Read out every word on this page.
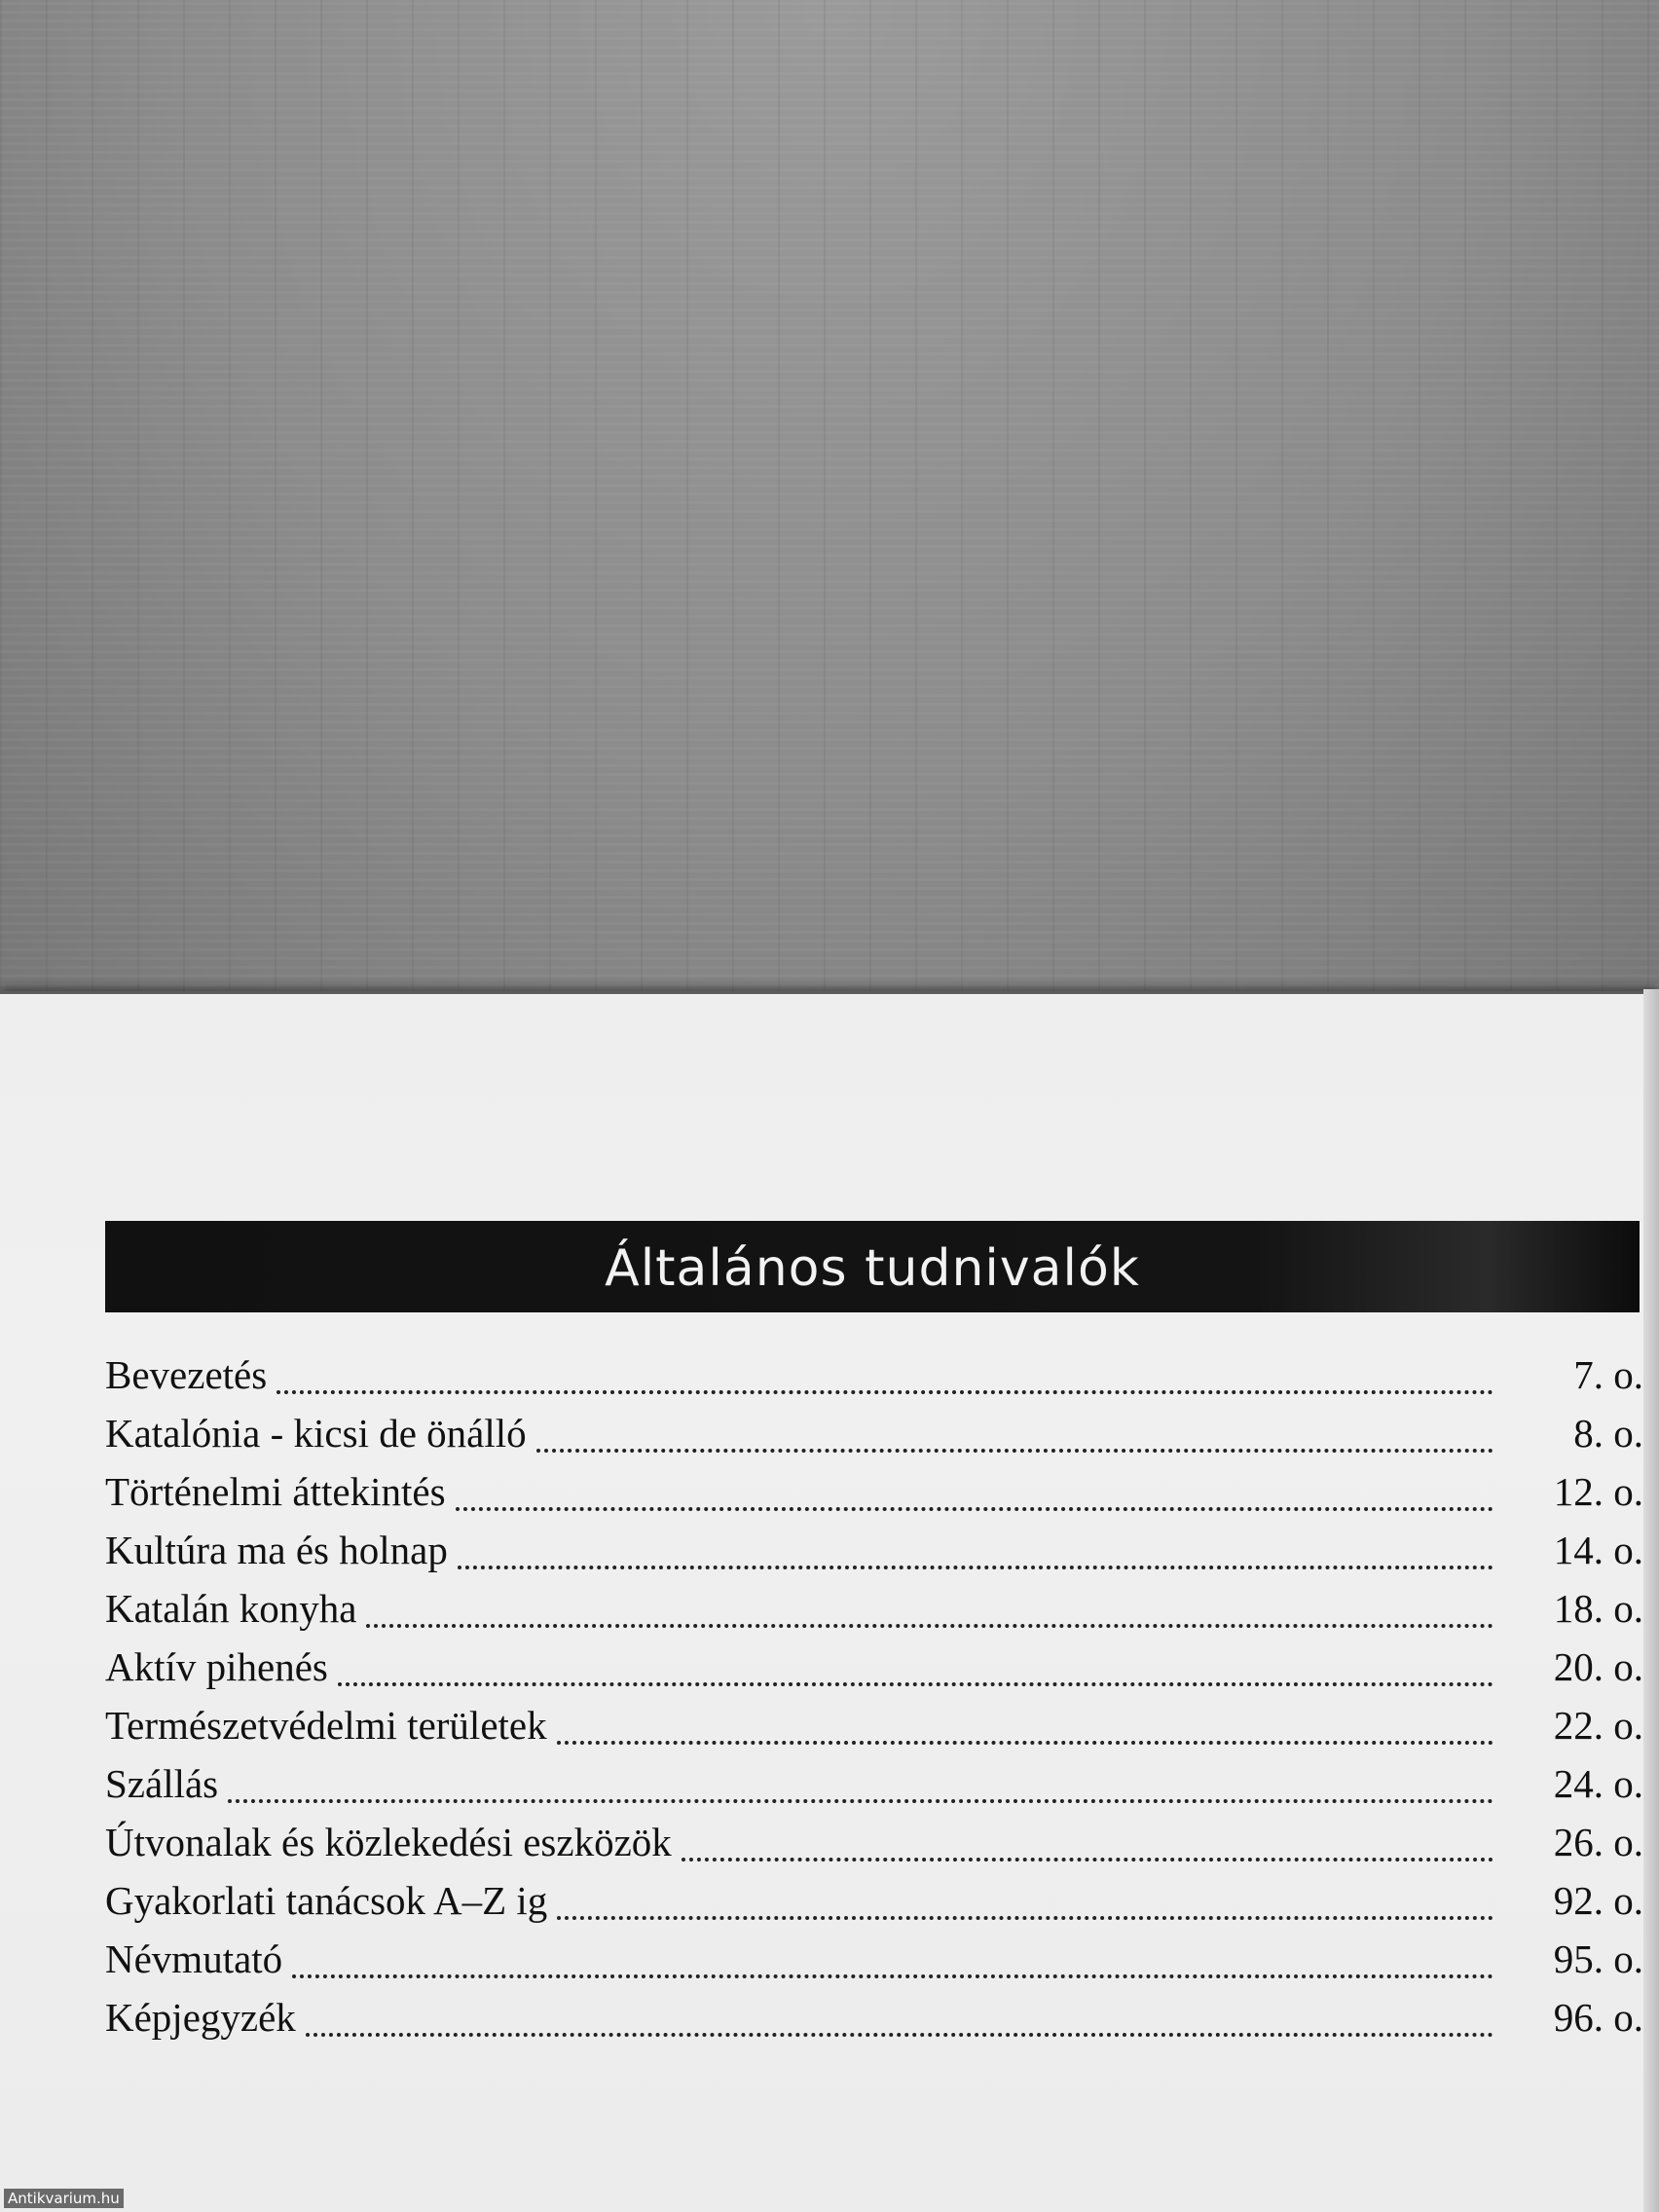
Általános tudnivalók
Bevezetés	7. o.
Katalónia - kicsi de önálló	8. o.
Történelmi áttekintés	12. o.
Kultúra ma és holnap	14. o.
Katalán konyha	18. o.
Aktív pihenés	20. o.
Természetvédelmi területek	22. o.
Szállás	24. o.
Útvonalak és közlekedési eszközök	26. o.
Gyakorlati tanácsok A–Z ig	92. o.
Névmutató	95. o.
Képjegyzék	96. o.
Antikvarium.hu
